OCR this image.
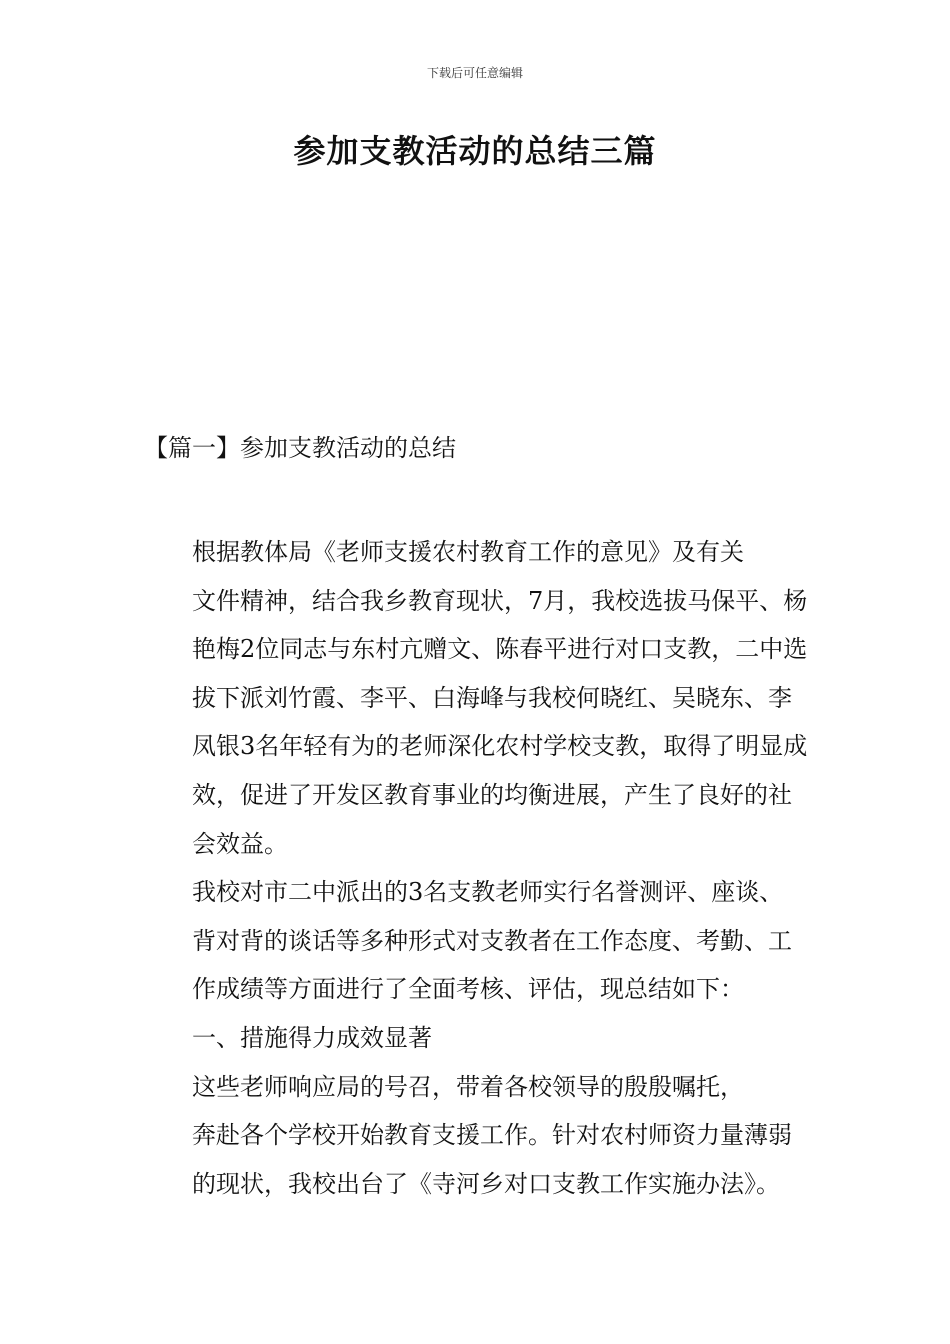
下载后可任意编辑
参加支教活动的总结三篇
【篇一】参加支教活动的总结

根据教体局《老师支援农村教育工作的意见》及有关
文件精神，结合我乡教育现状，7月，我校选拔马保平、杨
艳梅2位同志与东村亢赠文、陈春平进行对口支教，二中选
拔下派刘竹霞、李平、白海峰与我校何晓红、吴晓东、李
凤银3名年轻有为的老师深化农村学校支教，取得了明显成
效，促进了开发区教育事业的均衡进展，产生了良好的社
会效益。

我校对市二中派出的3名支教老师实行名誉测评、座谈、
背对背的谈话等多种形式对支教者在工作态度、考勤、工
作成绩等方面进行了全面考核、评估，现总结如下：

一、措施得力成效显著

这些老师响应局的号召，带着各校领导的殷殷嘱托，
奔赴各个学校开始教育支援工作。针对农村师资力量薄弱
的现状，我校出台了《寺河乡对口支教工作实施办法》。
